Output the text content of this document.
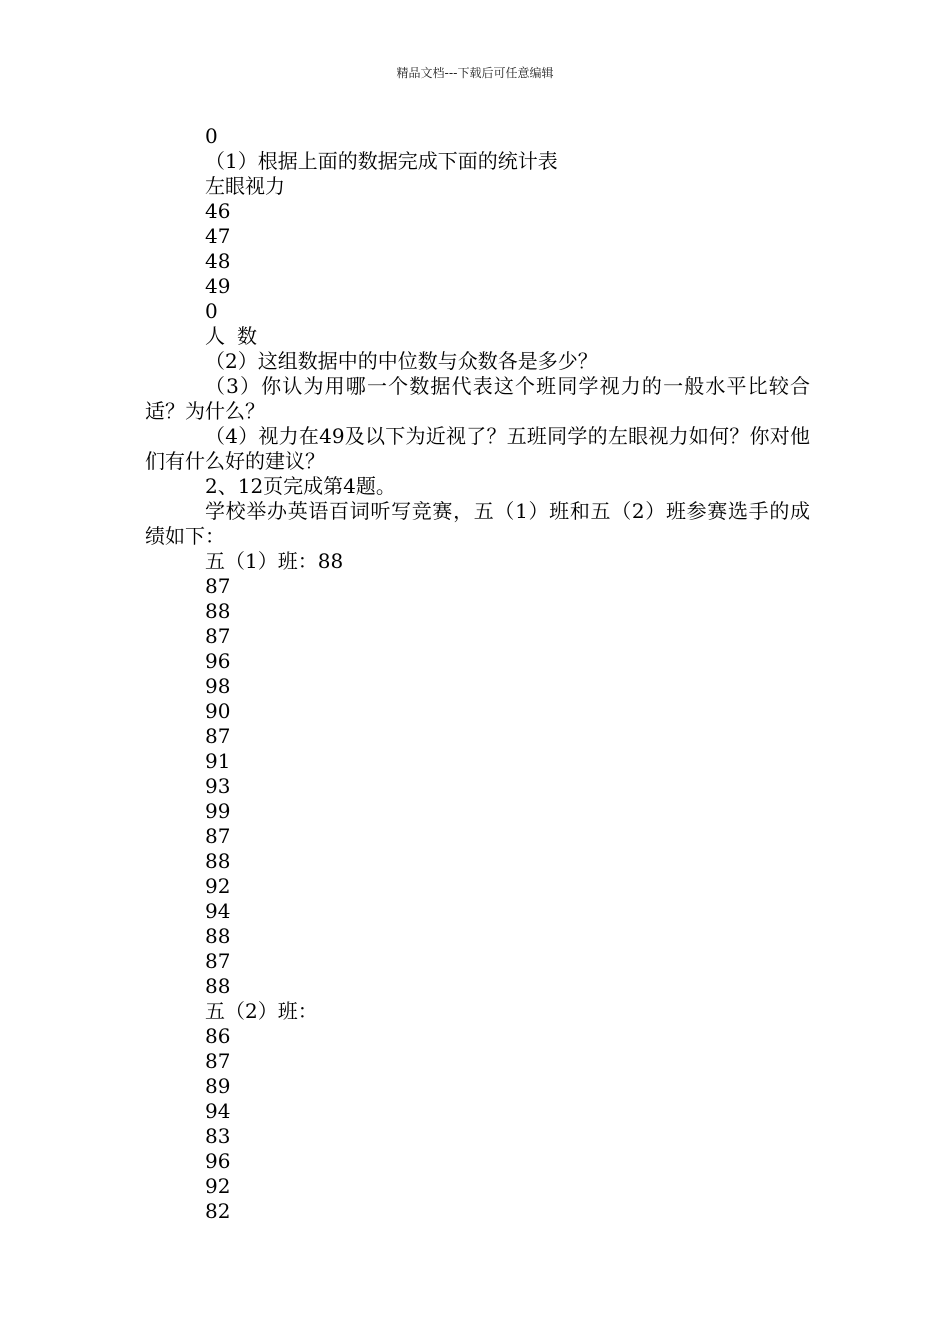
精品文档---下载后可任意编辑

0

（1）根据上面的数据完成下面的统计表

左眼视力

46

47

48

49

0

人 数

（2）这组数据中的中位数与众数各是多少？

（3）你认为用哪一个数据代表这个班同学视力的一般水平比较合适？为什么？

（4）视力在49及以下为近视了？五班同学的左眼视力如何？你对他们有什么好的建议？

2、12页完成第4题。

学校举办英语百词听写竞赛，五（1）班和五（2）班参赛选手的成绩如下：

五（1）班：88

87

88

87

96

98

90

87

91

93

99

87

88

92

94

88

87

88

五（2）班：

86

87

89

94

83

96

92

82
